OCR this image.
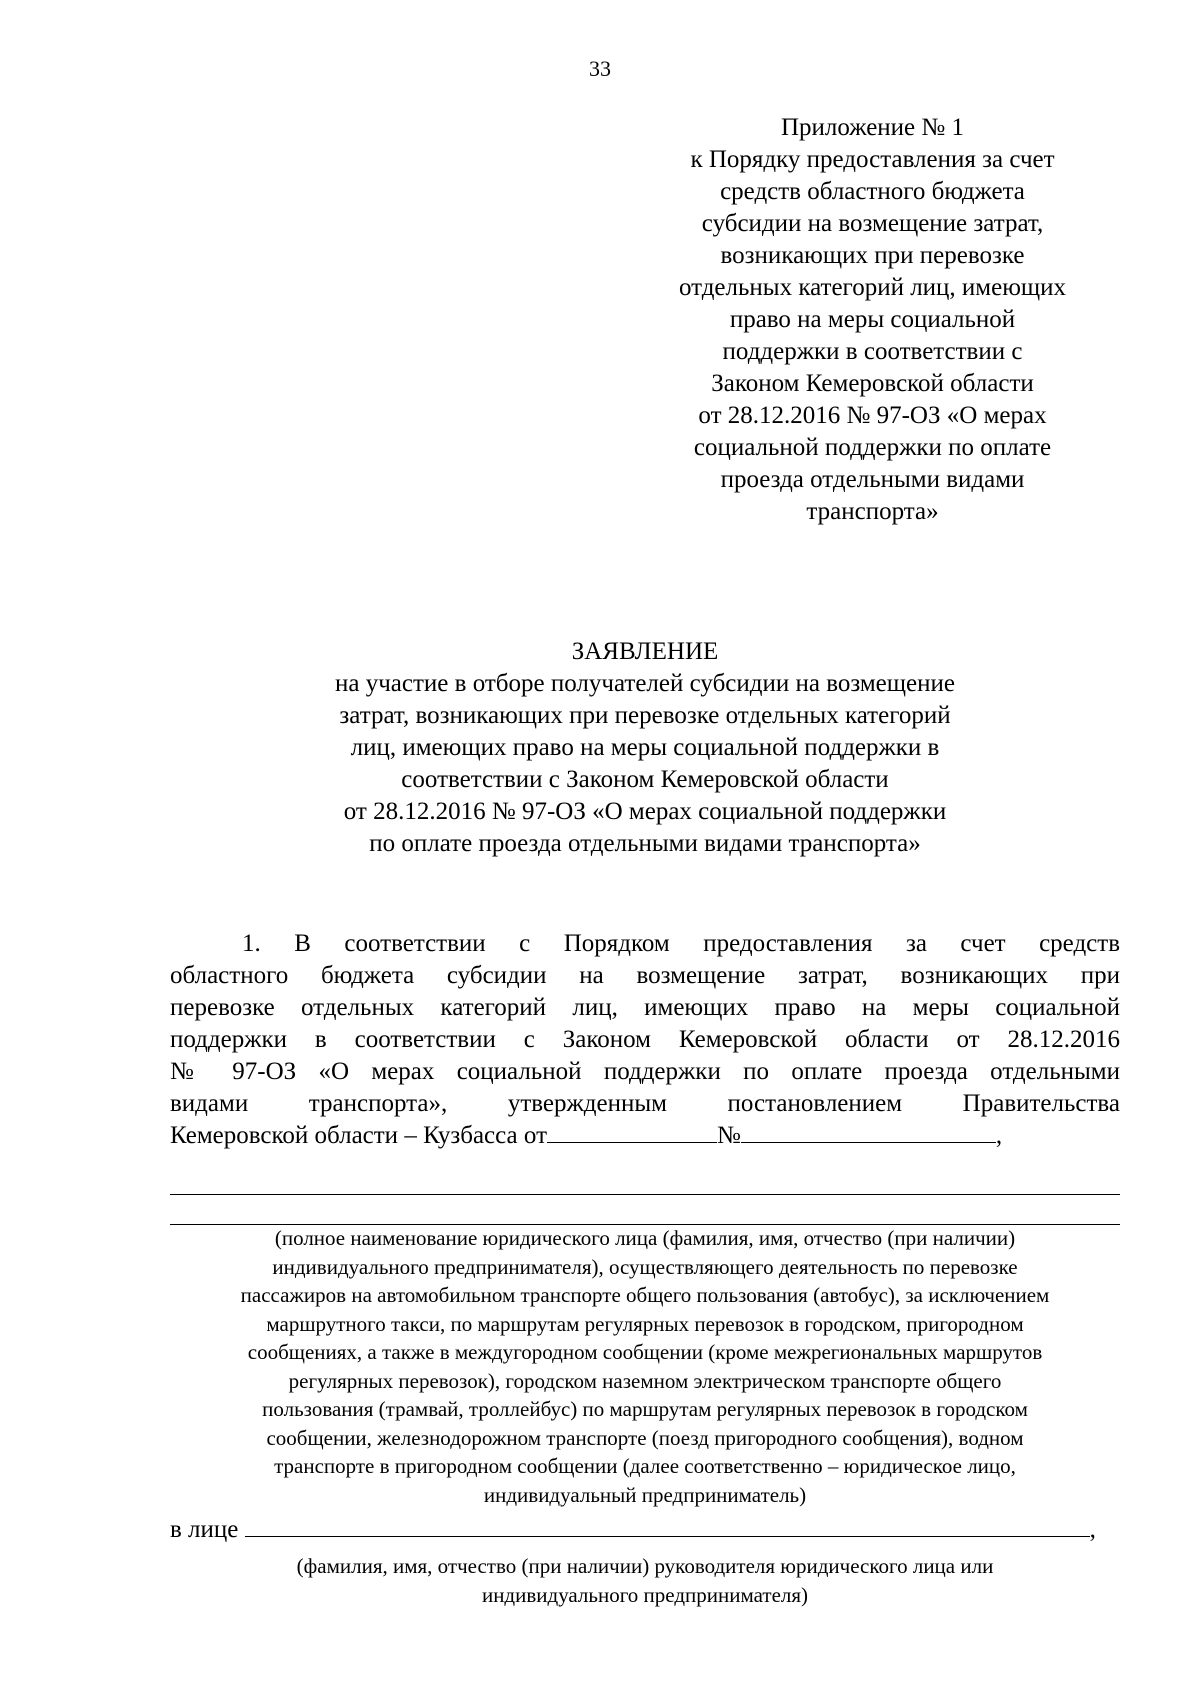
33
Приложение № 1
к Порядку предоставления за счет
средств областного бюджета
субсидии на возмещение затрат,
возникающих при перевозке
отдельных категорий лиц, имеющих
право на меры социальной
поддержки в соответствии с
Законом Кемеровской области
от 28.12.2016 № 97-ОЗ «О мерах
социальной поддержки по оплате
проезда отдельными видами
транспорта»
ЗАЯВЛЕНИЕ
на участие в отборе получателей субсидии на возмещение
затрат, возникающих при перевозке отдельных категорий
лиц, имеющих право на меры социальной поддержки в
соответствии с Законом Кемеровской области
от 28.12.2016 № 97-ОЗ «О мерах социальной поддержки
по оплате проезда отдельными видами транспорта»
1. В соответствии с Порядком предоставления за счет средств
областного бюджета субсидии на возмещение затрат, возникающих при
перевозке отдельных категорий лиц, имеющих право на меры социальной
поддержки в соответствии с Законом Кемеровской области от 28.12.2016
№ 97-ОЗ «О мерах социальной поддержки по оплате проезда отдельными
видами транспорта», утвержденным постановлением Правительства
Кемеровской области – Кузбасса от	№	,
(полное наименование юридического лица (фамилия, имя, отчество (при наличии)
индивидуального предпринимателя), осуществляющего деятельность по перевозке
пассажиров на автомобильном транспорте общего пользования (автобус), за исключением
маршрутного такси, по маршрутам регулярных перевозок в городском, пригородном
сообщениях, а также в междугородном сообщении (кроме межрегиональных маршрутов
регулярных перевозок), городском наземном электрическом транспорте общего
пользования (трамвай, троллейбус) по маршрутам регулярных перевозок в городском
сообщении, железнодорожном транспорте (поезд пригородного сообщения), водном
транспорте в пригородном сообщении (далее соответственно – юридическое лицо,
индивидуальный предприниматель)
в лице	,
(фамилия, имя, отчество (при наличии) руководителя юридического лица или
индивидуального предпринимателя)
